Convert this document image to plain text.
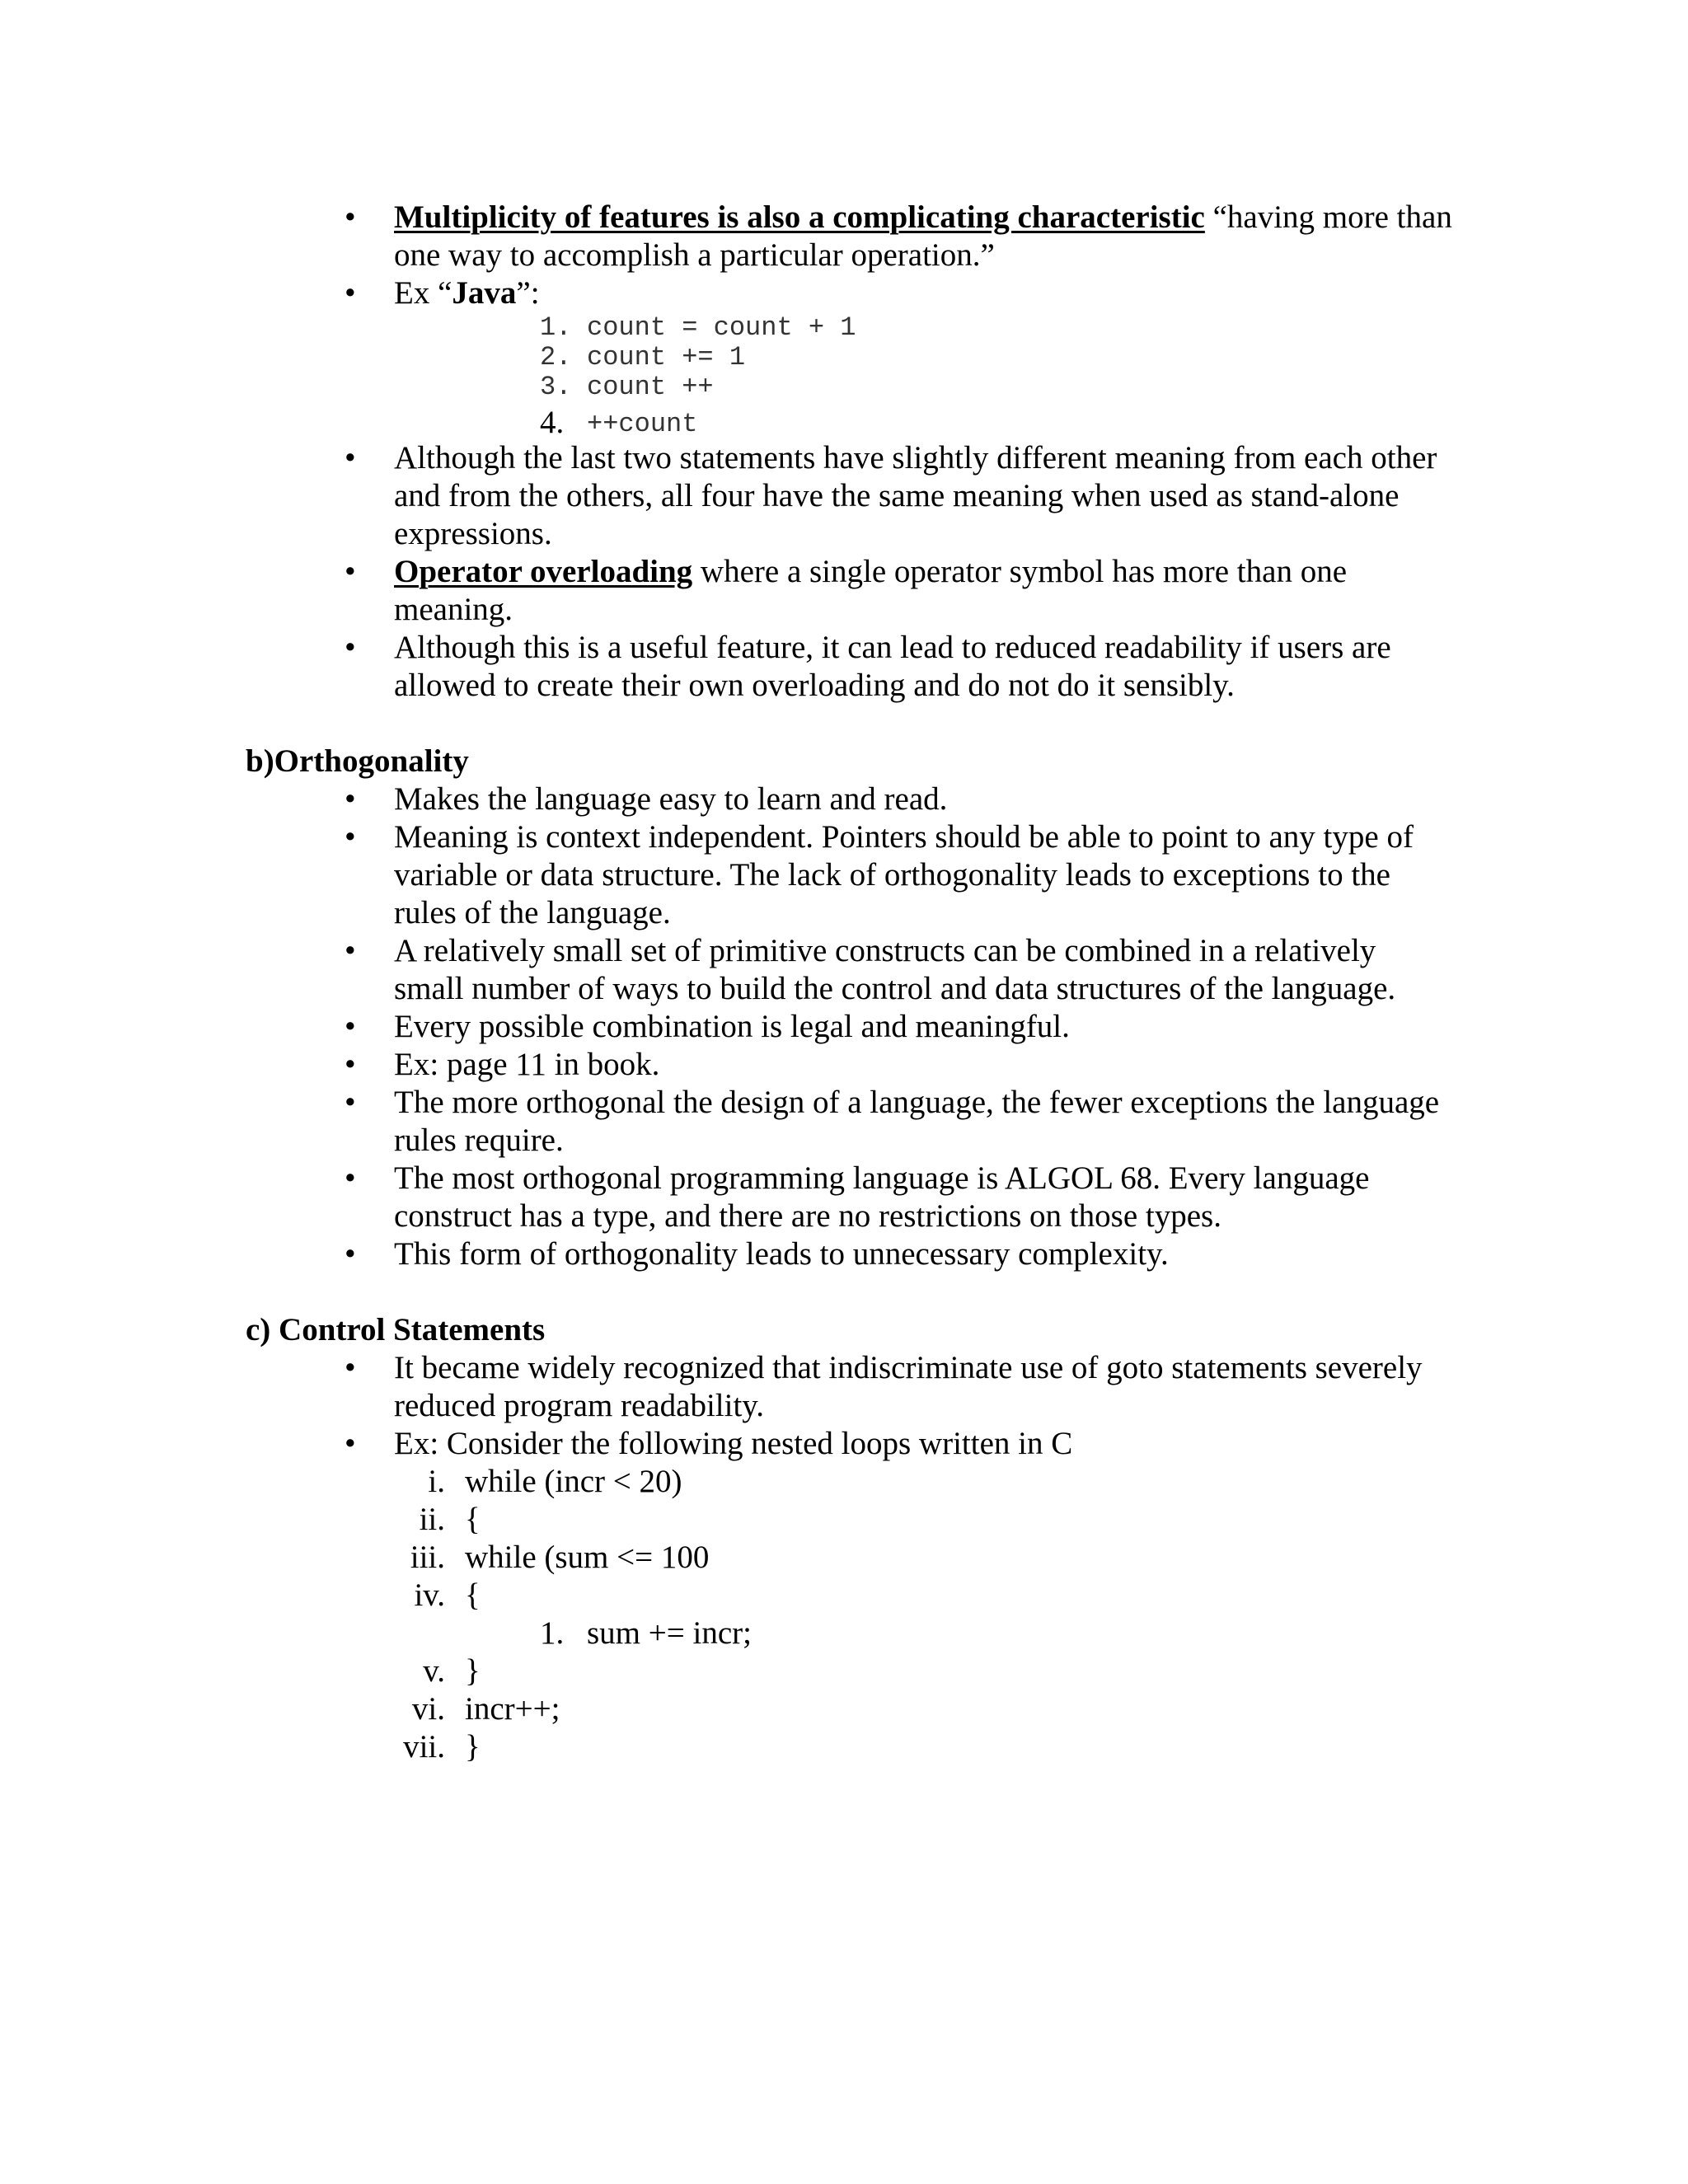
• Multiplicity of features is also a complicating characteristic “having more than
one way to accomplish a particular operation.”
• Ex “Java”:
1. count = count + 1
2. count += 1
3. count ++
4. ++count
• Although the last two statements have slightly different meaning from each other
and from the others, all four have the same meaning when used as stand-alone
expressions.
• Operator overloading where a single operator symbol has more than one
meaning.
• Although this is a useful feature, it can lead to reduced readability if users are
allowed to create their own overloading and do not do it sensibly.
b)Orthogonality
• Makes the language easy to learn and read.
• Meaning is context independent. Pointers should be able to point to any type of
variable or data structure. The lack of orthogonality leads to exceptions to the
rules of the language.
• A relatively small set of primitive constructs can be combined in a relatively
small number of ways to build the control and data structures of the language.
• Every possible combination is legal and meaningful.
• Ex: page 11 in book.
• The more orthogonal the design of a language, the fewer exceptions the language
rules require.
• The most orthogonal programming language is ALGOL 68. Every language
construct has a type, and there are no restrictions on those types.
• This form of orthogonality leads to unnecessary complexity.
c) Control Statements
• It became widely recognized that indiscriminate use of goto statements severely
reduced program readability.
• Ex: Consider the following nested loops written in C
i. while (incr < 20)
ii. {
iii. while (sum <= 100
iv. {
1. sum += incr;
v. }
vi. incr++;
vii. }
